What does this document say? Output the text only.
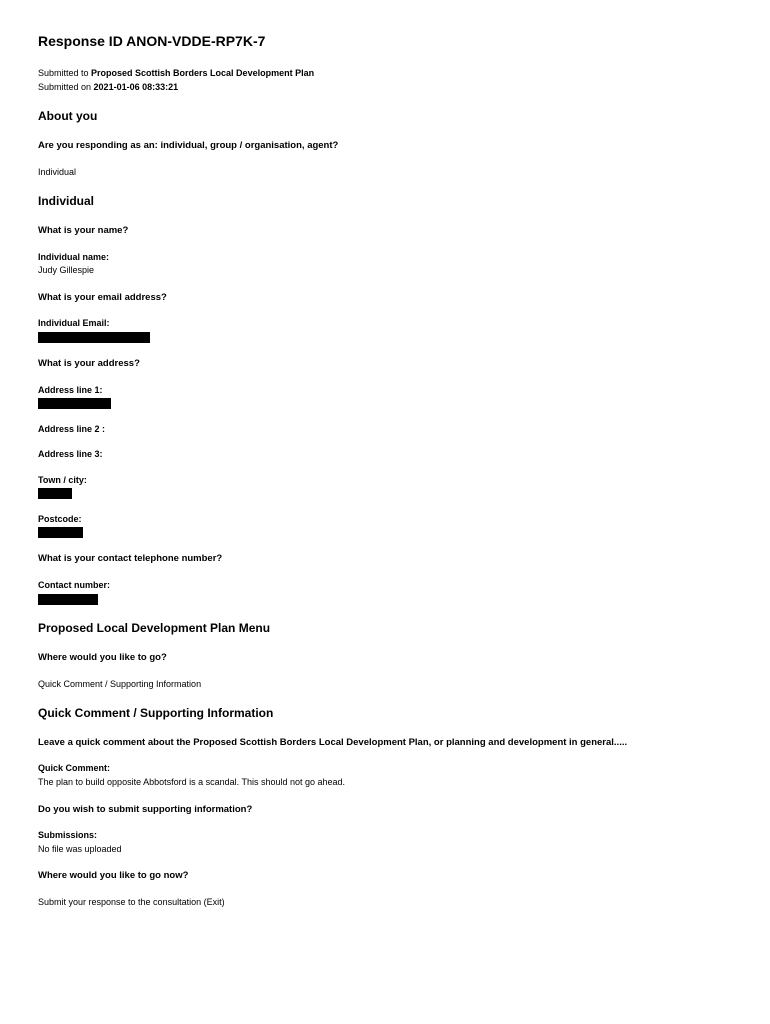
Response ID ANON-VDDE-RP7K-7
Submitted to Proposed Scottish Borders Local Development Plan
Submitted on 2021-01-06 08:33:21
About you
Are you responding as an: individual, group / organisation, agent?
Individual
Individual
What is your name?
Individual name:
Judy Gillespie
What is your email address?
Individual Email:
What is your address?
Address line 1:
Address line 2 :
Address line 3:
Town / city:
Postcode:
What is your contact telephone number?
Contact number:
Proposed Local Development Plan Menu
Where would you like to go?
Quick Comment / Supporting Information
Quick Comment / Supporting Information
Leave a quick comment about the Proposed Scottish Borders Local Development Plan, or planning and development in general.....
Quick Comment:
The plan to build opposite Abbotsford is a scandal. This should not go ahead.
Do you wish to submit supporting information?
Submissions:
No file was uploaded
Where would you like to go now?
Submit your response to the consultation (Exit)
